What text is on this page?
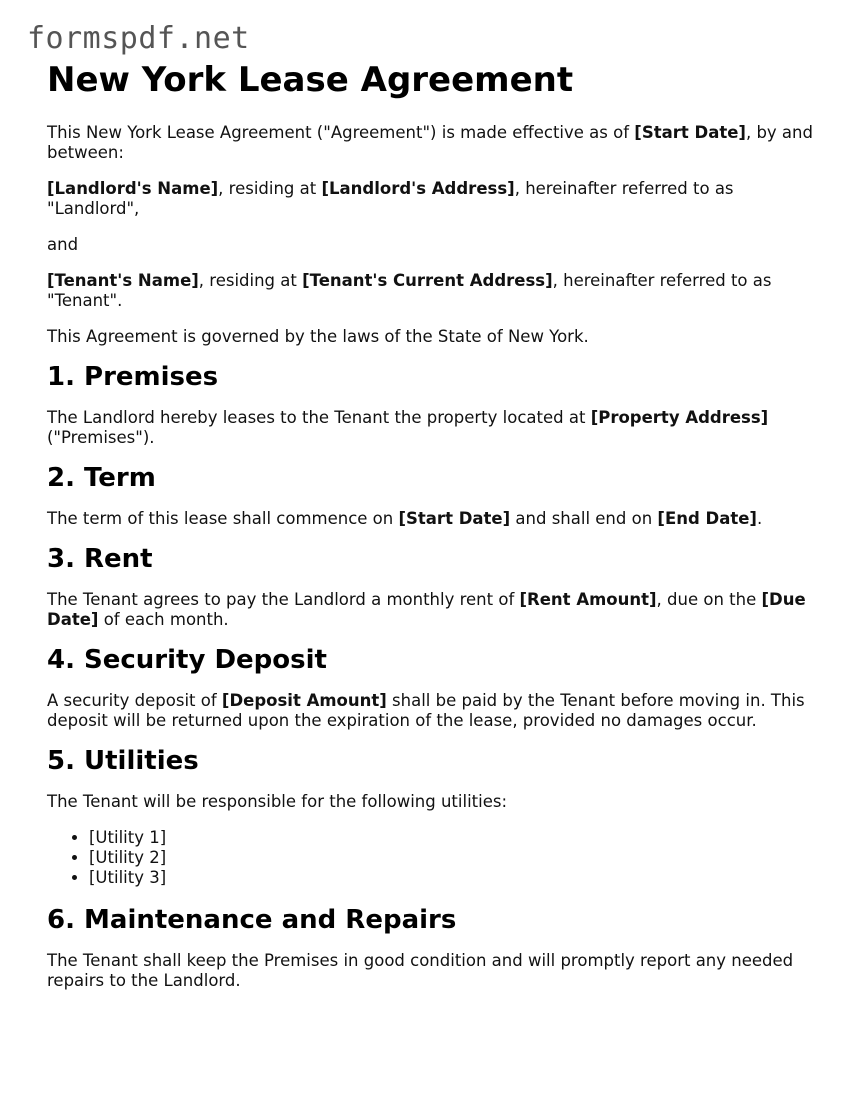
formspdf.net
New York Lease Agreement

This New York Lease Agreement ("Agreement") is made effective as of [Start Date], by and between:

[Landlord's Name], residing at [Landlord's Address], hereinafter referred to as "Landlord",

and

[Tenant's Name], residing at [Tenant's Current Address], hereinafter referred to as "Tenant".

This Agreement is governed by the laws of the State of New York.

1. Premises

The Landlord hereby leases to the Tenant the property located at [Property Address] ("Premises").

2. Term

The term of this lease shall commence on [Start Date] and shall end on [End Date].

3. Rent

The Tenant agrees to pay the Landlord a monthly rent of [Rent Amount], due on the [Due Date] of each month.

4. Security Deposit

A security deposit of [Deposit Amount] shall be paid by the Tenant before moving in. This deposit will be returned upon the expiration of the lease, provided no damages occur.

5. Utilities

The Tenant will be responsible for the following utilities:

• [Utility 1]
• [Utility 2]
• [Utility 3]
6. Maintenance and Repairs

The Tenant shall keep the Premises in good condition and will promptly report any needed repairs to the Landlord.
